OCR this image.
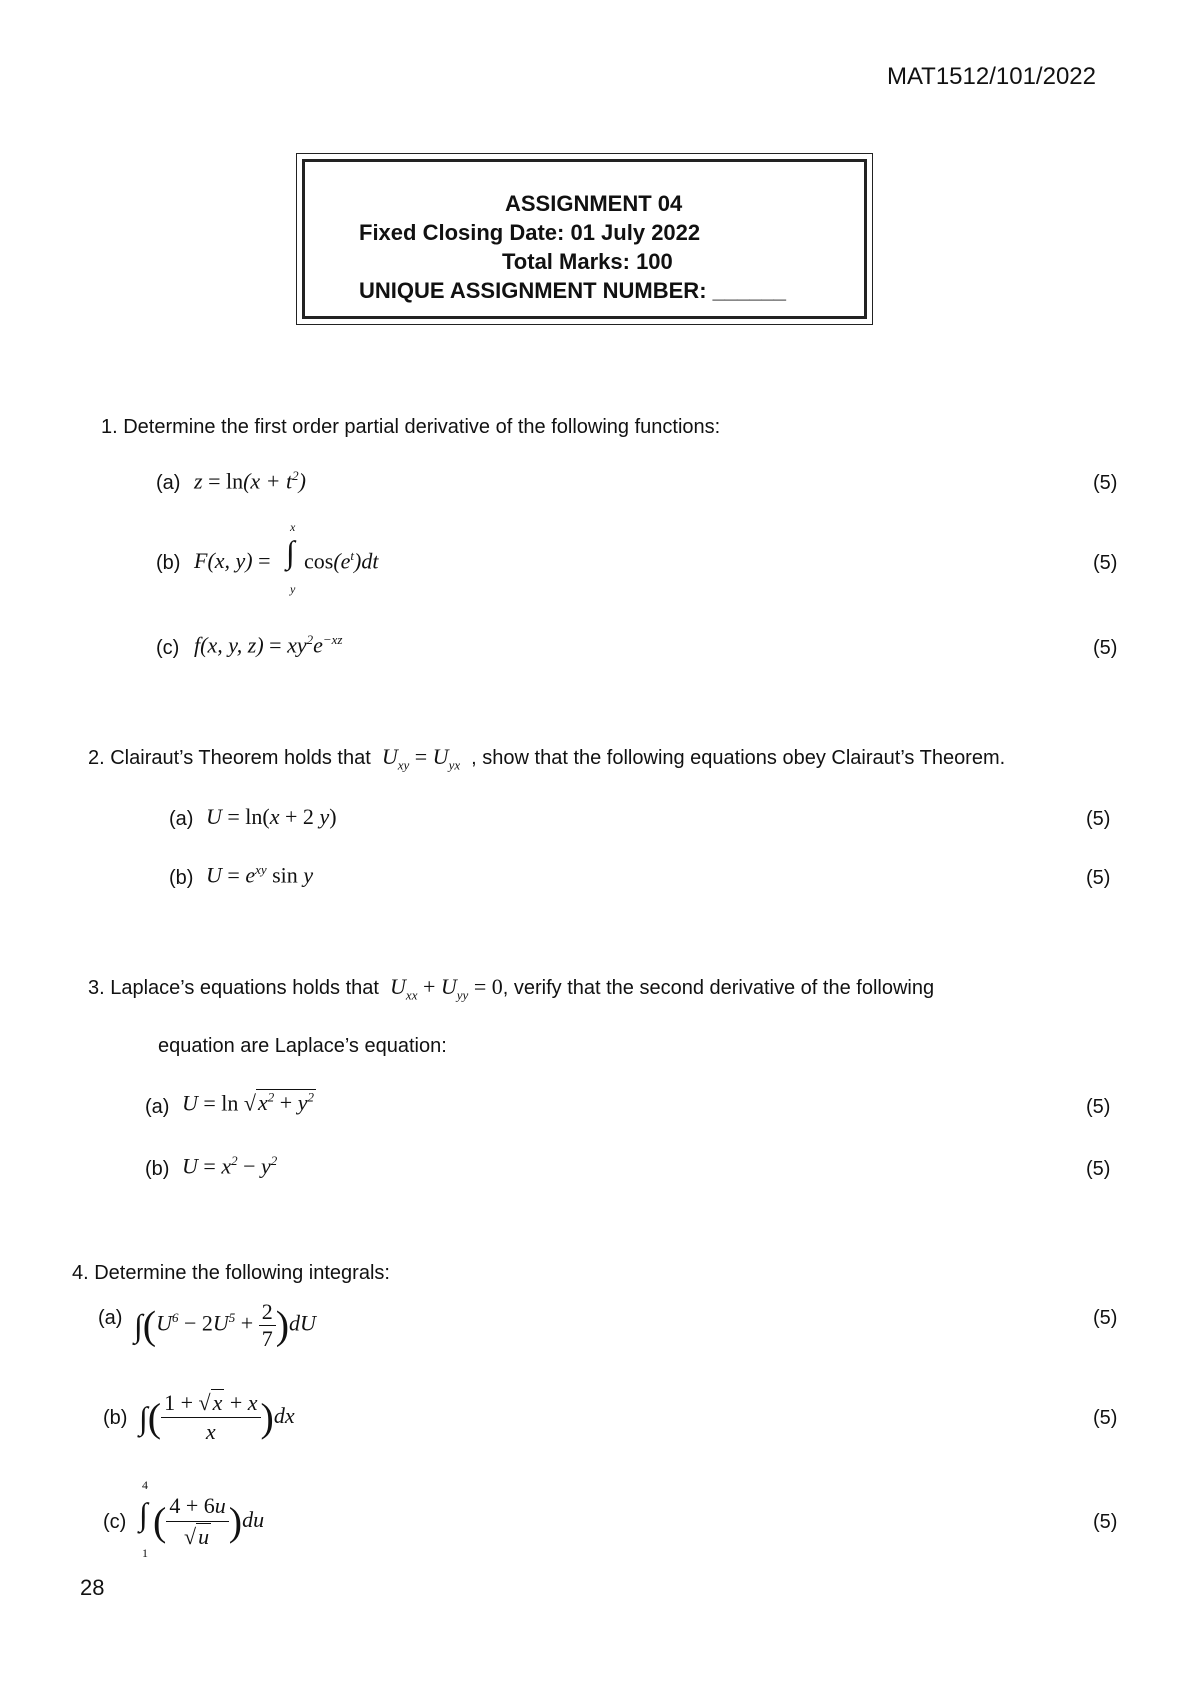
MAT1512/101/2022
ASSIGNMENT 04
Fixed Closing Date: 01 July 2022
Total Marks: 100
UNIQUE ASSIGNMENT NUMBER: ______
1. Determine the first order partial derivative of the following functions:
(a) $z = \ln(x + t^2)$	(5)
(b) F(x, y) =
x
∫
y
$\cos(e^t)dt$	(5)
(c) f(x, y, $z) = xy^2e^{-xz}$	(5)
2. Clairaut’s Theorem holds that  $U_{xy} = U_{yx}$ , show that the following equations obey Clairaut’s Theorem.
(a) U = ln(x + 2 y)	(5)
(b) $U = e^{xy}$ sin y	(5)
3. Laplace’s equations holds that  $U_{xx} + U_{yy} = 0$, verify that the second derivative of the following
equation are Laplace’s equation:
(a) $U = \ln √x^2 + y^2$	(5)
(b) $U = x^2 - y^2$	(5)
4. Determine the following integrals:
(a) $\int(U^6 - 2U^5 + \frac{2}{7} )dU$	(5)
(b) ∫( $\frac{1 + √x + x}{x} )dx$	(5)
(c)
4
∫
1
( $\frac{4 + 6u}{√u} )du$	(5)
28
